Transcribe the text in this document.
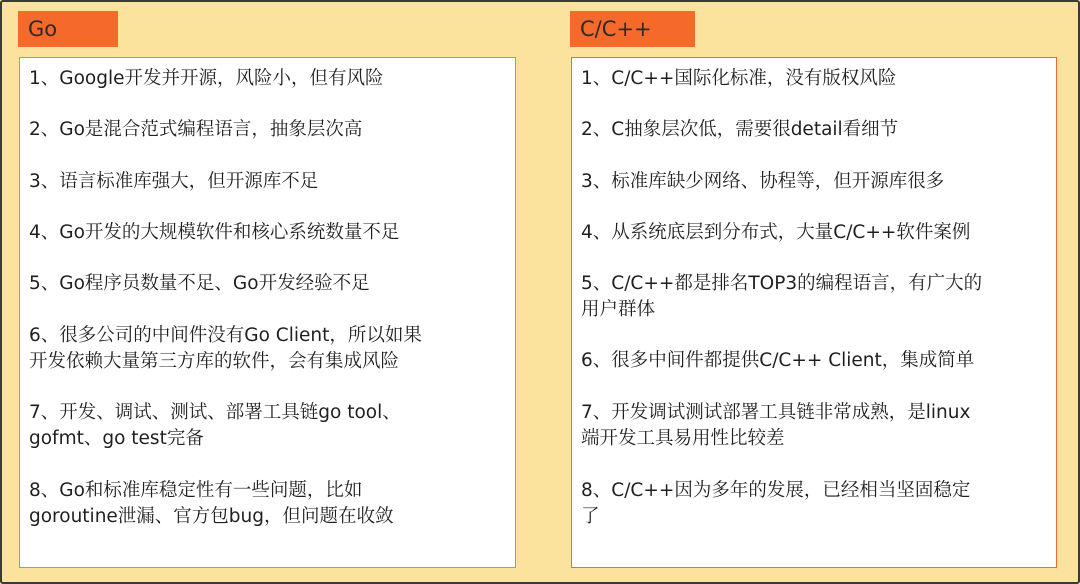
Go
1、Google开发并开源，风险小，但有风险
2、Go是混合范式编程语言，抽象层次高
3、语言标准库强大，但开源库不足
4、Go开发的大规模软件和核心系统数量不足
5、Go程序员数量不足、Go开发经验不足
6、很多公司的中间件没有Go Client，所以如果
开发依赖大量第三方库的软件，会有集成风险
7、开发、调试、测试、部署工具链go tool、
gofmt、go test完备
8、Go和标准库稳定性有一些问题，比如
goroutine泄漏、官方包bug，但问题在收敛
C/C++
1、C/C++国际化标准，没有版权风险
2、C抽象层次低，需要很detail看细节
3、标准库缺少网络、协程等，但开源库很多
4、从系统底层到分布式，大量C/C++软件案例
5、C/C++都是排名TOP3的编程语言，有广大的
用户群体
6、很多中间件都提供C/C++ Client，集成简单
7、开发调试测试部署工具链非常成熟，是linux
端开发工具易用性比较差
8、C/C++因为多年的发展，已经相当坚固稳定
了
